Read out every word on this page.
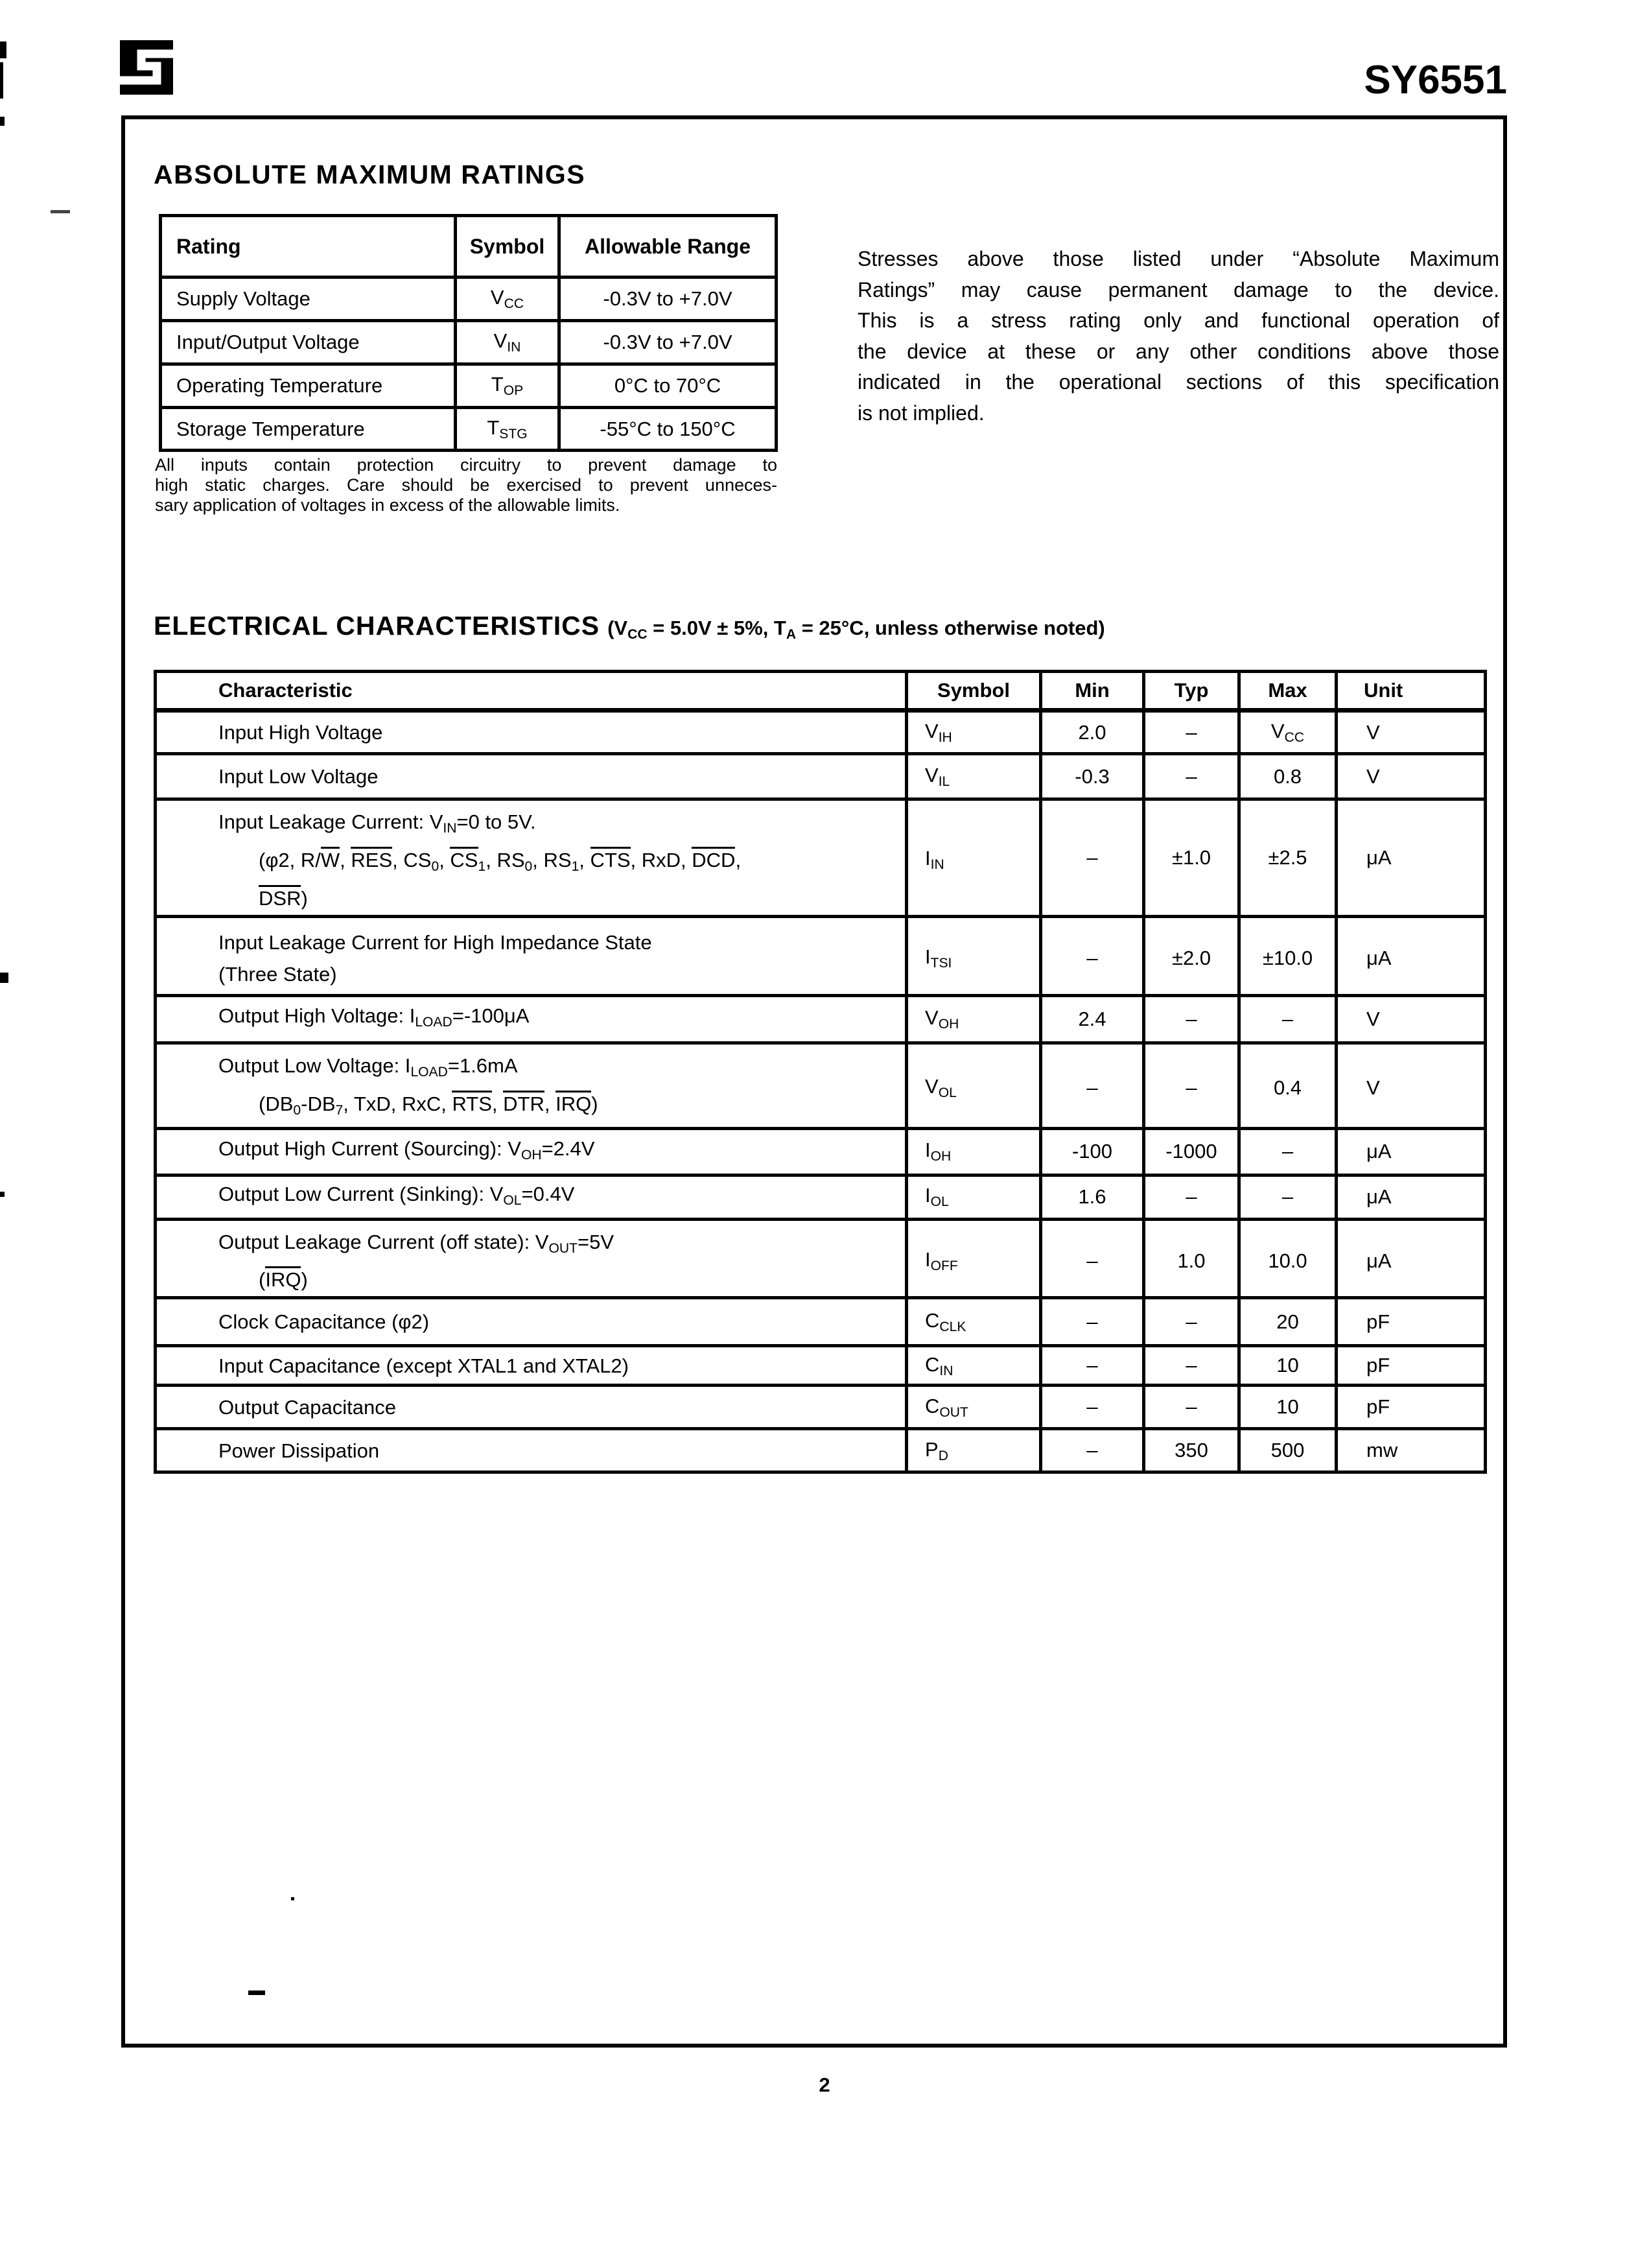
SY6551
ABSOLUTE MAXIMUM RATINGS
Rating	Symbol	Allowable Range
Supply Voltage	$V_{CC}$	-0.3V to +7.0V
Input/Output Voltage	$V_{IN}$	-0.3V to +7.0V
Operating Temperature	$T_{OP}$	0°C to 70°C
Storage Temperature	$T_{STG}$	-55°C to 150°C
All inputs contain protection circuitry to prevent damage to
high static charges. Care should be exercised to prevent unneces-
sary application of voltages in excess of the allowable limits.
Stresses above those listed under “Absolute Maximum
Ratings” may cause permanent damage to the device.
This is a stress rating only and functional operation of
the device at these or any other conditions above those
indicated in the operational sections of this specification
is not implied.
ELECTRICAL CHARACTERISTICS ($V_{CC} = 5.0V \pm 5\%$, $T_A = 25^\circ C$, unless otherwise noted)
Characteristic	Symbol	Min	Typ	Max	Unit

Input High Voltage	$V_{IH}$	2.0	–	$V_{CC}$	V

Input Low Voltage	$V_{IL}$	-0.3	–	0.8	V

Input Leakage Current: $V_{IN}=0$ to 5V.
(φ2, R/W, RES, $CS_0$, $CS_1$, $RS_0$, $RS_1$, CTS, RxD, DCD,
DSR)	$I_{IN}$	–	±1.0	±2.5	μA

Input Leakage Current for High Impedance State
(Three State)	$I_{TSI}$	–	±2.0	±10.0	μA

Output High Voltage: $I_{LOAD}=-100\mu A$	$V_{OH}$	2.4	–	–	V

Output Low Voltage: $I_{LOAD}=1.6mA$
($DB_0-DB_7$, TxD, RxC, RTS, DTR, IRQ)	$V_{OL}$	–	–	0.4	V

Output High Current (Sourcing): $V_{OH}=2.4V$	$I_{OH}$	-100	-1000	–	μA

Output Low Current (Sinking): $V_{OL}=0.4V$	$I_{OL}$	1.6	–	–	μA

Output Leakage Current (off state): $V_{OUT}=5V$
(IRQ)	$I_{OFF}$	–	1.0	10.0	μA

Clock Capacitance (φ2)	$C_{CLK}$	–	–	20	pF

Input Capacitance (except XTAL1 and XTAL2)	$C_{IN}$	–	–	10	pF

Output Capacitance	$C_{OUT}$	–	–	10	pF

Power Dissipation	$P_D$	–	350	500	mw
2
